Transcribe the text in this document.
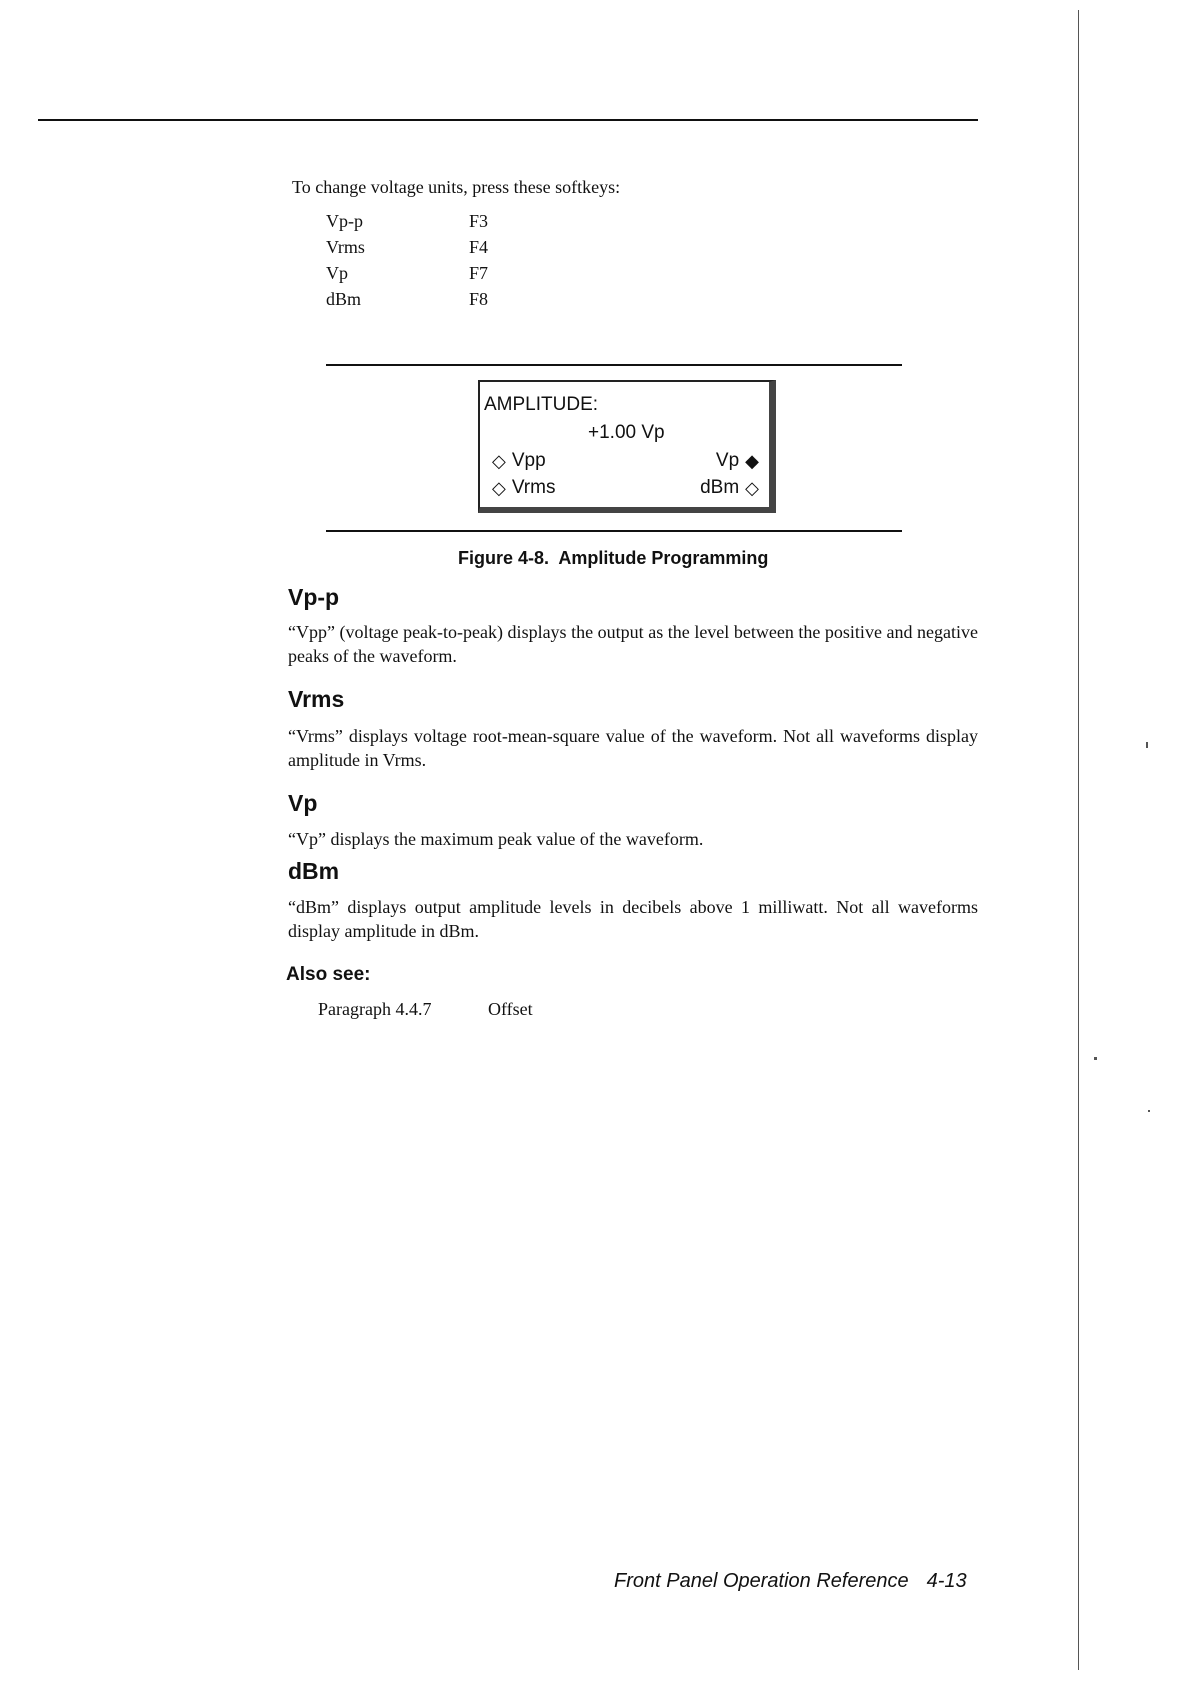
To change voltage units, press these softkeys:
Vp-p	F3
Vrms	F4
Vp	F7
dBm	F8
AMPLITUDE:
+1.00 Vp
◇ Vpp	Vp ◆
◇ Vrms	dBm ◇
Figure 4-8.  Amplitude Programming
Vp-p
“Vpp” (voltage peak-to-peak) displays the output as the level between the positive and negative peaks of the waveform.
Vrms
“Vrms” displays voltage root-mean-square value of the waveform. Not all waveforms display amplitude in Vrms.
Vp
“Vp” displays the maximum peak value of the waveform.
dBm
“dBm” displays output amplitude levels in decibels above 1 milliwatt. Not all waveforms display amplitude in dBm.
Also see:
Paragraph 4.4.7	Offset
Front Panel Operation Reference 4-13
